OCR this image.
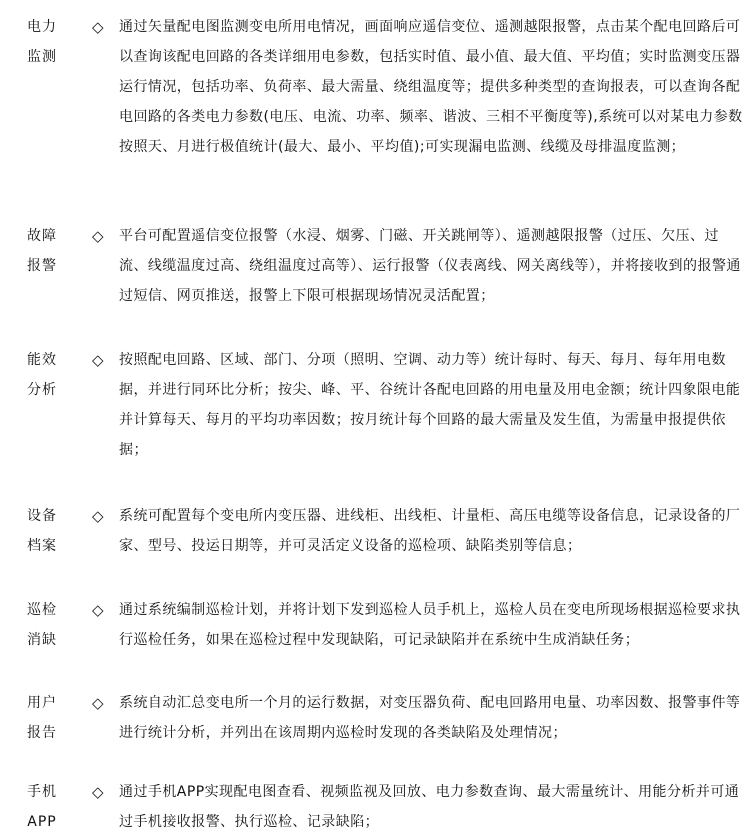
电力
监测
◇ 通过矢量配电图监测变电所用电情况，画面响应遥信变位、遥测越限报警，点击某个配电回路后可以查询该配电回路的各类详细用电参数，包括实时值、最小值、最大值、平均值；实时监测变压器运行情况，包括功率、负荷率、最大需量、绕组温度等；提供多种类型的查询报表，可以查询各配电回路的各类电力参数(电压、电流、功率、频率、谐波、三相不平衡度等),系统可以对某电力参数按照天、月进行极值统计(最大、最小、平均值);可实现漏电监测、线缆及母排温度监测；

故障
报警
◇ 平台可配置遥信变位报警（水浸、烟雾、门磁、开关跳闸等）、遥测越限报警（过压、欠压、过流、线缆温度过高、绕组温度过高等）、运行报警（仪表离线、网关离线等），并将接收到的报警通过短信、网页推送，报警上下限可根据现场情况灵活配置；

能效
分析
◇ 按照配电回路、区域、部门、分项（照明、空调、动力等）统计每时、每天、每月、每年用电数据，并进行同环比分析；按尖、峰、平、谷统计各配电回路的用电量及用电金额；统计四象限电能并计算每天、每月的平均功率因数；按月统计每个回路的最大需量及发生值，为需量申报提供依据；

设备
档案
◇ 系统可配置每个变电所内变压器、进线柜、出线柜、计量柜、高压电缆等设备信息，记录设备的厂家、型号、投运日期等，并可灵活定义设备的巡检项、缺陷类别等信息；

巡检
消缺
◇ 通过系统编制巡检计划，并将计划下发到巡检人员手机上，巡检人员在变电所现场根据巡检要求执行巡检任务，如果在巡检过程中发现缺陷，可记录缺陷并在系统中生成消缺任务；

用户
报告
◇ 系统自动汇总变电所一个月的运行数据，对变压器负荷、配电回路用电量、功率因数、报警事件等进行统计分析，并列出在该周期内巡检时发现的各类缺陷及处理情况；

手机
APP
◇ 通过手机APP实现配电图查看、视频监视及回放、电力参数查询、最大需量统计、用能分析并可通过手机接收报警、执行巡检、记录缺陷；
